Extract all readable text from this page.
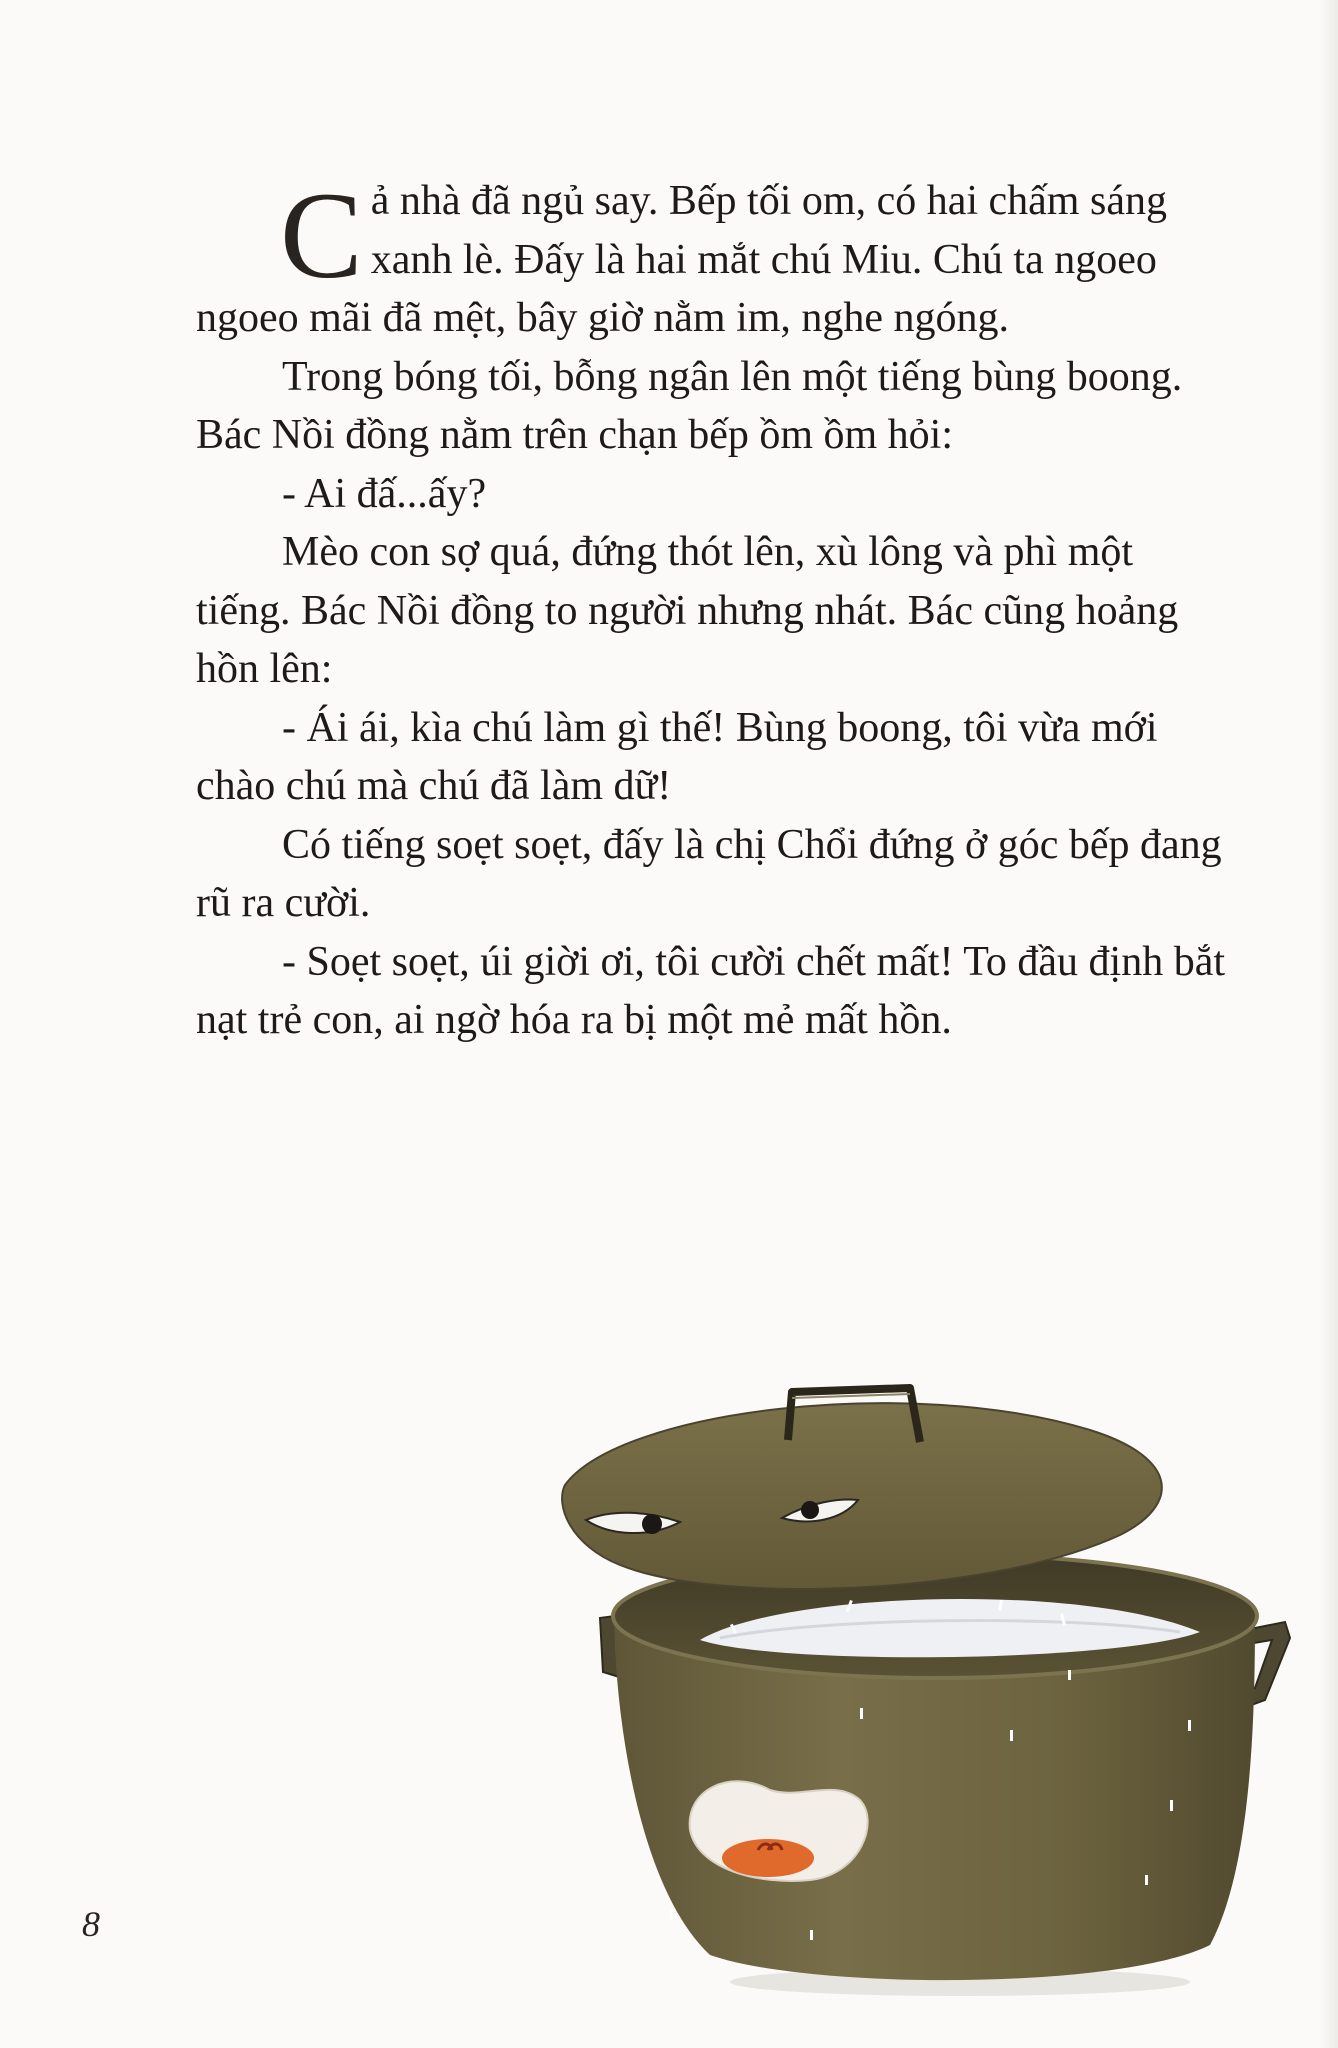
Cả nhà đã ngủ say. Bếp tối om, có hai chấm sáng xanh lè. Đấy là hai mắt chú Miu. Chú ta ngoeo ngoeo mãi đã mệt, bây giờ nằm im, nghe ngóng.

Trong bóng tối, bỗng ngân lên một tiếng bùng boong. Bác Nồi đồng nằm trên chạn bếp ồm ồm hỏi:

- Ai đấ...ấy?

Mèo con sợ quá, đứng thót lên, xù lông và phì một tiếng. Bác Nồi đồng to người nhưng nhát. Bác cũng hoảng hồn lên:

- Ái ái, kìa chú làm gì thế! Bùng boong, tôi vừa mới chào chú mà chú đã làm dữ!

Có tiếng soẹt soẹt, đấy là chị Chổi đứng ở góc bếp đang rũ ra cười.

- Soẹt soẹt, úi giời ơi, tôi cười chết mất! To đầu định bắt nạt trẻ con, ai ngờ hóa ra bị một mẻ mất hồn.

8
